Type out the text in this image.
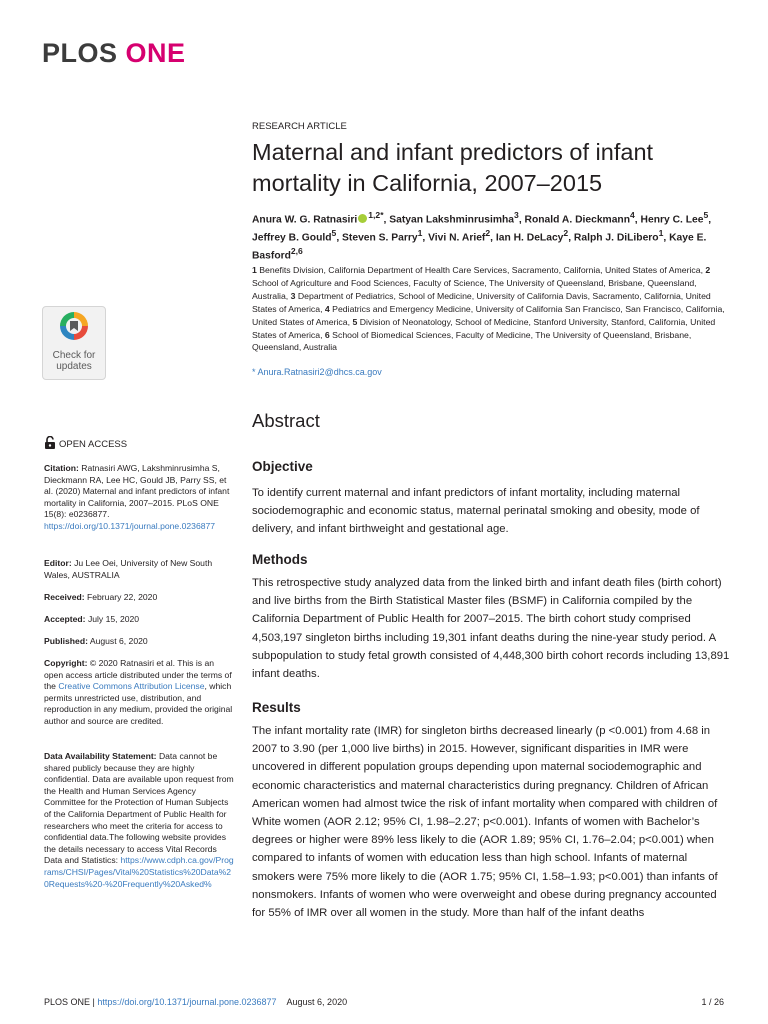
PLOS ONE
Check for
updates
OPEN ACCESS
Citation: Ratnasiri AWG, Lakshminrusimha S, Dieckmann RA, Lee HC, Gould JB, Parry SS, et al. (2020) Maternal and infant predictors of infant mortality in California, 2007–2015. PLoS ONE 15(8): e0236877. https://doi.org/10.1371/journal.pone.0236877
Editor: Ju Lee Oei, University of New South Wales, AUSTRALIA
Received: February 22, 2020
Accepted: July 15, 2020
Published: August 6, 2020
Copyright: © 2020 Ratnasiri et al. This is an open access article distributed under the terms of the Creative Commons Attribution License, which permits unrestricted use, distribution, and reproduction in any medium, provided the original author and source are credited.
Data Availability Statement: Data cannot be shared publicly because they are highly confidential. Data are available upon request from the Health and Human Services Agency Committee for the Protection of Human Subjects of the California Department of Public Health for researchers who meet the criteria for access to confidential data.The following website provides the details necessary to access Vital Records Data and Statistics: https://www.cdph.ca.gov/Programs/CHSI/Pages/Vital%20Statistics%20Data%20Requests%20-%20Frequently%20Asked%
RESEARCH ARTICLE
Maternal and infant predictors of infant mortality in California, 2007–2015
Anura W. G. Ratnasiri $^{1,2*}$, Satyan Lakshminrusimha$^3$, Ronald A. Dieckmann$^4$, Henry C. Lee$^5$, Jeffrey B. Gould$^5$, Steven S. Parry$^1$, Vivi N. Arief$^2$, Ian H. DeLacy$^2$, Ralph J. DiLibero$^1$, Kaye E. Basford$^{2,6}$
1 Benefits Division, California Department of Health Care Services, Sacramento, California, United States of America, 2 School of Agriculture and Food Sciences, Faculty of Science, The University of Queensland, Brisbane, Queensland, Australia, 3 Department of Pediatrics, School of Medicine, University of California Davis, Sacramento, California, United States of America, 4 Pediatrics and Emergency Medicine, University of California San Francisco, San Francisco, California, United States of America, 5 Division of Neonatology, School of Medicine, Stanford University, Stanford, California, United States of America, 6 School of Biomedical Sciences, Faculty of Medicine, The University of Queensland, Brisbane, Queensland, Australia
* Anura.Ratnasiri2@dhcs.ca.gov
Abstract
Objective
To identify current maternal and infant predictors of infant mortality, including maternal sociodemographic and economic status, maternal perinatal smoking and obesity, mode of delivery, and infant birthweight and gestational age.
Methods
This retrospective study analyzed data from the linked birth and infant death files (birth cohort) and live births from the Birth Statistical Master files (BSMF) in California compiled by the California Department of Public Health for 2007–2015. The birth cohort study comprised 4,503,197 singleton births including 19,301 infant deaths during the nine-year study period. A subpopulation to study fetal growth consisted of 4,448,300 birth cohort records including 13,891 infant deaths.
Results
The infant mortality rate (IMR) for singleton births decreased linearly (p <0.001) from 4.68 in 2007 to 3.90 (per 1,000 live births) in 2015. However, significant disparities in IMR were uncovered in different population groups depending upon maternal sociodemographic and economic characteristics and maternal characteristics during pregnancy. Children of African American women had almost twice the risk of infant mortality when compared with children of White women (AOR 2.12; 95% CI, 1.98–2.27; p<0.001). Infants of women with Bachelor’s degrees or higher were 89% less likely to die (AOR 1.89; 95% CI, 1.76–2.04; p<0.001) when compared to infants of women with education less than high school. Infants of maternal smokers were 75% more likely to die (AOR 1.75; 95% CI, 1.58–1.93; p<0.001) than infants of nonsmokers. Infants of women who were overweight and obese during pregnancy accounted for 55% of IMR over all women in the study. More than half of the infant deaths
PLOS ONE | https://doi.org/10.1371/journal.pone.0236877 August 6, 2020	1 / 26
